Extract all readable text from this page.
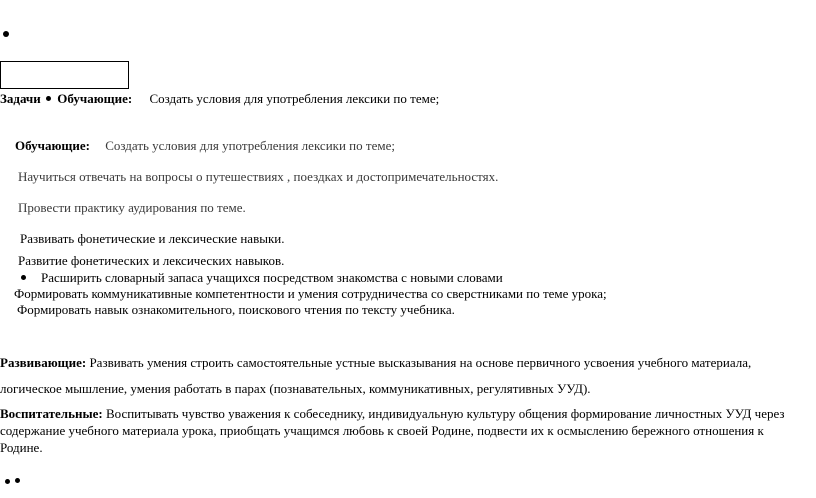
Задачи Обучающие: Создать условия для употребления лексики по теме;
Обучающие: Создать условия для употребления лексики по теме;
Научиться отвечать на вопросы о путешествиях , поездках и достопримечательностях.
Провести практику аудирования по теме.
Развивать фонетические и лексические навыки.
Развитие фонетических и лексических навыков.
Расширить словарный запаса учащихся посредством знакомства с новыми словами
Формировать коммуникативные компетентности и умения сотрудничества со сверстниками по теме урока;
Формировать навык ознакомительного, поискового чтения по тексту учебника.
Развивающие: Развивать умения строить самостоятельные устные высказывания на основе первичного усвоения учебного материала,
логическое мышление, умения работать в парах (познавательных, коммуникативных, регулятивных УУД).
Воспитательные: Воспитывать чувство уважения к собеседнику, индивидуальную культуру общения формирование личностных УУД через содержание учебного материала урока, приобщать учащимся любовь к своей Родине, подвести их к осмыслению бережного отношения к Родине.
